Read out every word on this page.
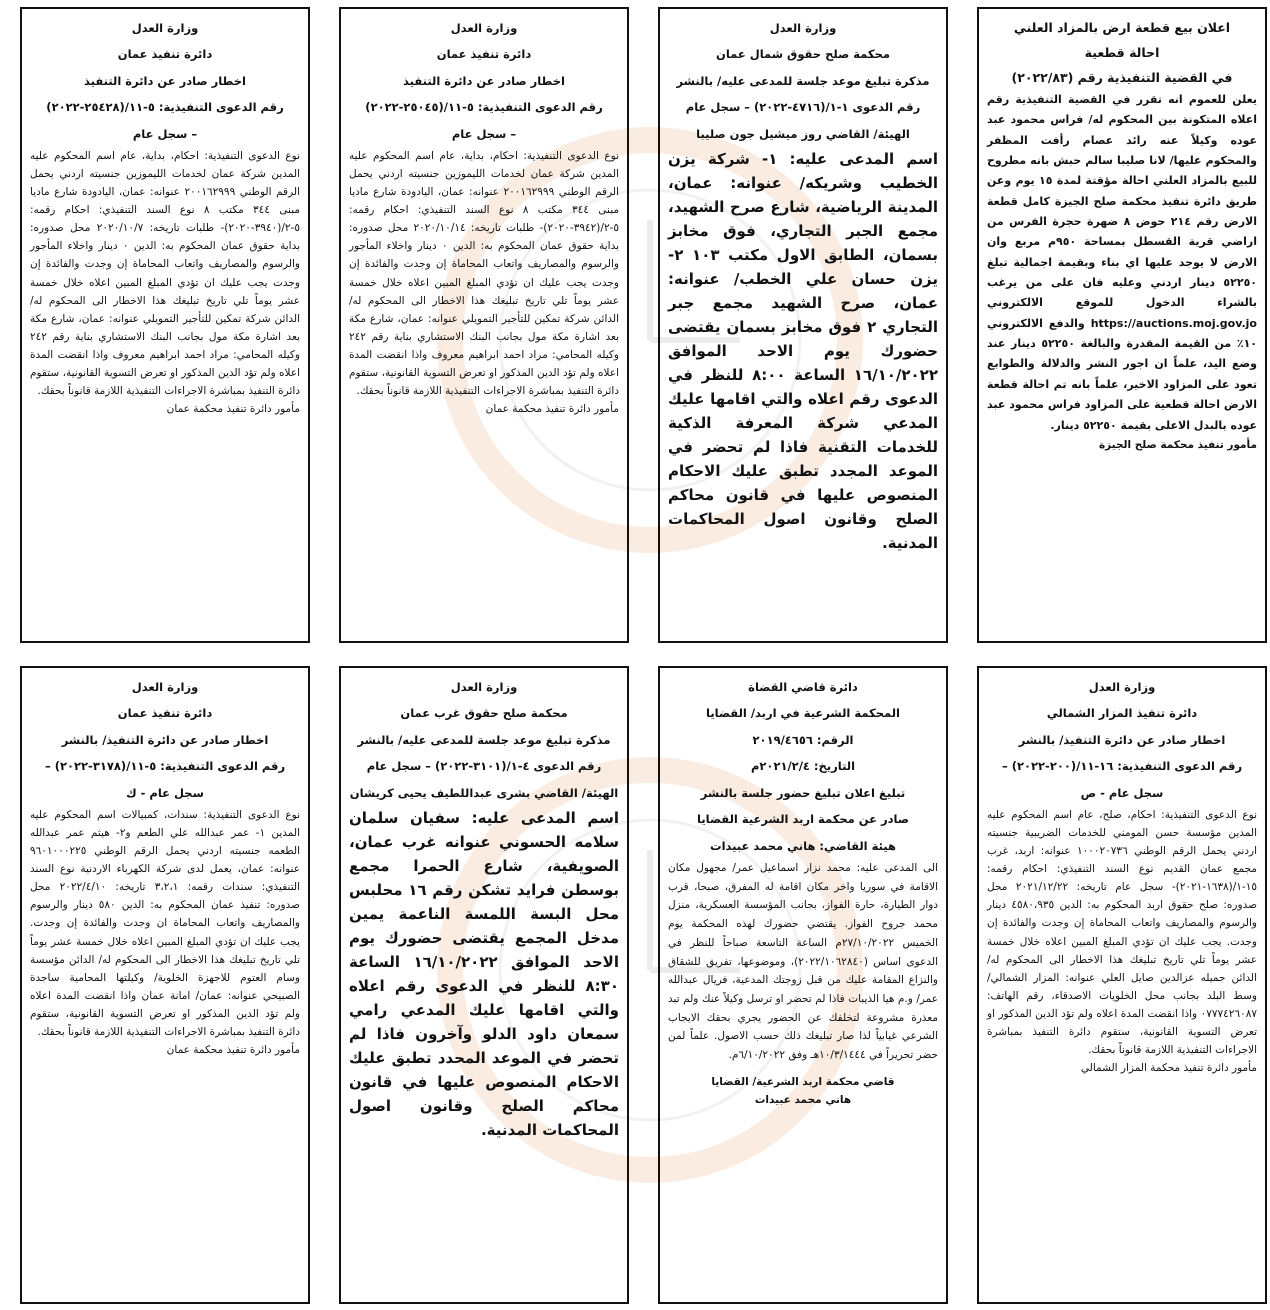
اعلان بيع قطعة ارض بالمزاد العلني

احالة قطعية

في القضية التنفيذية رقم (٢٠٢٢/٨٣)

يعلن للعموم انه تقرر في القضية التنفيذية رقم اعلاه المتكونة بين المحكوم له/ فراس محمود عبد عوده وكيلاً عنه رائد عصام رأفت المظفر والمحكوم عليها/ لانا صليبا سالم حبش بانه مطروح للبيع بالمزاد العلني احالة مؤقتة لمدة ١٥ يوم وعن طريق دائرة تنفيذ محكمة صلح الجيزة كامل قطعة الارض رقم ٢١٤ حوض ٨ ضهرة حجرة الفرس من اراضي قرية القسطل بمساحة ٩٥٠م مربع وان الارض لا يوجد عليها اي بناء وبقيمة اجمالية تبلغ ٥٢٢٥٠ دينار اردني وعليه فان على من يرغب بالشراء الدخول للموقع الالكتروني https://auctions.moj.gov.jo والدفع الالكتروني ١٠٪ من القيمة المقدرة والبالغة ٥٢٢٥٠ دينار عند وضع اليد، علماً ان اجور النشر والدلالة والطوابع تعود على المزاود الاخير، علماً بانه تم احالة قطعة الارض احالة قطعية على المزاود فراس محمود عبد عوده بالبدل الاعلى بقيمة ٥٢٢٥٠ دينار.

مأمور تنفيذ محكمة صلح الجيزة

وزارة العدل

محكمة صلح حقوق شمال عمان

مذكرة تبليغ موعد جلسة للمدعى عليه/ بالنشر

رقم الدعوى ١-١/(٤٧١٦-٢٠٢٢) – سجل عام

الهيئة/ القاضي روز ميشيل جون صليبا

اسم المدعى عليه: ١- شركة يزن الخطيب وشريكه/ عنوانه: عمان، المدينة الرياضية، شارع صرح الشهيد، مجمع الجبر التجاري، فوق مخابز بسمان، الطابق الاول مكتب ١٠٣ ٢- يزن حسان علي الخطب/ عنوانه: عمان، صرح الشهيد مجمع جبر التجاري ٢ فوق مخابز بسمان يقتضى حضورك يوم الاحد الموافق ١٦/١٠/٢٠٢٢ الساعة ٨:٠٠ للنظر في الدعوى رقم اعلاه والتي اقامها عليك المدعي شركة المعرفة الذكية للخدمات التقنية فاذا لم تحضر في الموعد المجدد تطبق عليك الاحكام المنصوص عليها في قانون محاكم الصلح وقانون اصول المحاكمات المدنية.

وزارة العدل

دائرة تنفيذ عمان

اخطار صادر عن دائرة التنفيذ

رقم الدعوى التنفيذية: ٥-١١/(٢٥٠٤٥-٢٠٢٢)

– سجل عام

نوع الدعوى التنفيذية: احكام، بداية، عام اسم المحكوم عليه المدين شركة عمان لخدمات الليموزين جنسيته اردني يحمل الرقم الوطني ٢٠٠١٦٢٩٩٩ عنوانه: عمان، اليادودة شارع ماديا مبنى ٣٤٤ مكتب ٨ نوع السند التنفيذي: احكام رقمه: ٥-٢/(٣٩٤٢-٢٠٢٠)- طلبات تاريخه: ٢٠٢٠/١٠/١٤ محل صدوره: بداية حقوق عمان المحكوم به: الدين ٠ دينار واخلاء المأجور والرسوم والمصاريف واتعاب المحاماة إن وجدت والفائدة إن وجدت يجب عليك ان تؤدي المبلغ المبين اعلاه خلال خمسة عشر يوماً تلي تاريخ تبليغك هذا الاخطار الى المحكوم له/ الدائن شركة تمكين للتأجير التمويلي عنوانه: عمان، شارع مكة بعد اشارة مكة مول بجانب البنك الاستشاري بناية رقم ٢٤٢ وكيله المحامي: مراد احمد ابراهيم معروف واذا انقضت المدة اعلاه ولم تؤد الدين المذكور او تعرض التسوية القانونية، ستقوم دائرة التنفيذ بمباشرة الاجراءات التنفيذية اللازمة قانوناً بحقك.

مأمور دائرة تنفيذ محكمة عمان

وزارة العدل

دائرة تنفيذ عمان

اخطار صادر عن دائرة التنفيذ

رقم الدعوى التنفيذية: ٥-١١/(٢٥٤٢٨-٢٠٢٢)

– سجل عام

نوع الدعوى التنفيذية: احكام، بداية، عام اسم المحكوم عليه المدين شركة عمان لخدمات الليموزين جنسيته اردني يحمل الرقم الوطني ٢٠٠١٦٢٩٩٩ عنوانه: عمان، اليادودة شارع ماديا مبنى ٣٤٤ مكتب ٨ نوع السند التنفيذي: احكام رقمه: ٥-٢/(٣٩٤٠-٢٠٢٠)- طلبات تاريخه: ٢٠٢٠/١٠/٧ محل صدوره: بداية حقوق عمان المحكوم به: الدين ٠ دينار واخلاء المأجور والرسوم والمصاريف واتعاب المحاماة إن وجدت والفائدة إن وجدت يجب عليك ان تؤدي المبلغ المبين اعلاه خلال خمسة عشر يوماً تلي تاريخ تبليغك هذا الاخطار الى المحكوم له/ الدائن شركة تمكين للتأجير التمويلي عنوانه: عمان، شارع مكة بعد اشارة مكة مول بجانب البنك الاستشاري بناية رقم ٢٤٢ وكيله المحامي: مراد احمد ابراهيم معروف واذا انقضت المدة اعلاه ولم تؤد الدين المذكور او تعرض التسوية القانونية، ستقوم دائرة التنفيذ بمباشرة الاجراءات التنفيذية اللازمة قانوناً بحقك.

مأمور دائرة تنفيذ محكمة عمان

وزارة العدل

دائرة تنفيذ المزار الشمالي

اخطار صادر عن دائرة التنفيذ/ بالنشر

رقم الدعوى التنفيذية: ١٦-١١/(٢٠٠-٢٠٢٢) –

سجل عام - ص

نوع الدعوى التنفيذية: احكام، صلح، عام اسم المحكوم عليه المدين مؤسسة حسن المومني للخدمات الضريبية جنسيته اردني يحمل الرقم الوطني ١٠٠٠٢٠٧٣٦ عنوانه: اربد، غرب مجمع عمان القديم نوع السند التنفيذي: احكام رقمه: ١٥-١/(١٦٣٨-٢٠٢١)- سجل عام تاريخه: ٢٠٢١/١٢/٢٢ محل صدوره: صلح حقوق اربد المحكوم به: الدين ٤٥٨٠،٩٣٥ دينار والرسوم والمصاريف واتعاب المحاماة إن وجدت والفائدة إن وجدت. يجب عليك ان تؤدي المبلغ المبين اعلاه خلال خمسة عشر يوماً تلي تاريخ تبليغك هذا الاخطار الى المحكوم له/ الدائن جميله عزالدين صايل العلي عنوانه: المزار الشمالي/ وسط البلد بجانب محل الخلويات الاصدقاء، رقم الهاتف: ٠٧٧٧٤٢٦٠٨٧ واذا انقضت المدة اعلاه ولم تؤد الدين المذكور او تعرض التسوية القانونية، ستقوم دائرة التنفيذ بمباشرة الاجراءات التنفيذية اللازمة قانوناً بحقك.

مأمور دائرة تنفيذ محكمة المزار الشمالي

دائرة قاضي القضاة

المحكمة الشرعية في اربد/ القضايا

الرقم: ٢٠١٩/٤٦٥٦

التاريخ: ٢٠٢١/٢/٤م

تبليغ اعلان تبليغ حضور جلسة بالنشر

صادر عن محكمة اربد الشرعية القضايا

هيئة القاضي: هاني محمد عبيدات

الى المدعى عليه: محمد نزار اسماعيل عمر/ مجهول مكان الاقامة في سوريا واخر مكان اقامة له المفرق، صبحا، قرب دوار الطيارة، حارة الفواز، بجانب المؤسسة العسكرية، منزل محمد جروح الفواز. يقتضي حضورك لهذه المحكمة يوم الخميس ٢٧/١٠/٢٠٢٢م الساعة التاسعة صباحاً للنظر في الدعوى اساس (٢٠٢٢/١٠٦٢٨٤٠)، وموضوعها، تفريق للشقاق والنزاع المقامة عليك من قبل زوجتك المدعية، فريال عبدالله عمر/ و.م هيا الذيبات فاذا لم تحضر او ترسل وكيلاً عنك ولم تبد معذرة مشروعة لتخلفك عن الحضور يجري بحقك الايجاب الشرعي غيابياً لذا صار تبليغك ذلك حسب الاصول. علماً لمن حضر تحريراً في ١٠/٣/١٤٤٤هـ وفق ٦/١٠/٢٠٢٢م.

قاضي محكمة اربد الشرعية/ القضايا

هاني محمد عبيدات

وزارة العدل

محكمة صلح حقوق غرب عمان

مذكرة تبليغ موعد جلسة للمدعى عليه/ بالنشر

رقم الدعوى ٤-١/(٣١٠١-٢٠٢٢) – سجل عام

الهيئة/ القاضي بشرى عبداللطيف يحيى كريشان

اسم المدعى عليه: سفيان سلمان سلامه الحسوني عنوانه غرب عمان، الصويفية، شارع الحمرا مجمع بوسطن فرايد تشكن رقم ١٦ محلبس محل البسة اللمسة الناعمة يمين مدخل المجمع يقتضى حضورك يوم الاحد الموافق ١٦/١٠/٢٠٢٢ الساعة ٨:٣٠ للنظر في الدعوى رقم اعلاه والتي اقامها عليك المدعي رامي سمعان داود الدلو وآخرون فاذا لم تحضر في الموعد المحدد تطبق عليك الاحكام المنصوص عليها في قانون محاكم الصلح وقانون اصول المحاكمات المدنية.

وزارة العدل

دائرة تنفيذ عمان

اخطار صادر عن دائرة التنفيذ/ بالنشر

رقم الدعوى التنفيذية: ٥-١١/(٣١٧٨-٢٠٢٢) –

سجل عام - ك

نوع الدعوى التنفيذية: سندات، كمبيالات اسم المحكوم عليه المدين ١- عمر عبدالله علي الطعم و٢- هيثم عمر عبدالله الطعمه جنسيته اردني يحمل الرقم الوطني ٩٦٠١٠٠٠٢٢٥ عنوانه: عمان، يعمل لدى شركة الكهرباء الاردنية نوع السند التنفيذي: سندات رقمه: ٣،٢،١ تاريخه: ٢٠٢٢/٤/١٠ محل صدوره: تنفيذ عمان المحكوم به: الدين ٥٨٠ دينار والرسوم والمصاريف واتعاب المحاماة ان وجدت والفائدة إن وجدت. يجب عليك ان تؤدي المبلغ المبين اعلاه خلال خمسة عشر يوماً تلي تاريخ تبليغك هذا الاخطار الى المحكوم له/ الدائن مؤسسة وسام العتوم للاجهزة الخلوية/ وكيلتها المحامية ساجدة الصبيحي عنوانه: عمان/ امانة عمان واذا انقضت المدة اعلاه ولم تؤد الدين المذكور او تعرض التسوية القانونية، ستقوم دائرة التنفيذ بمباشرة الاجراءات التنفيذية اللازمة قانوناً بحقك.

مأمور دائرة تنفيذ محكمة عمان
